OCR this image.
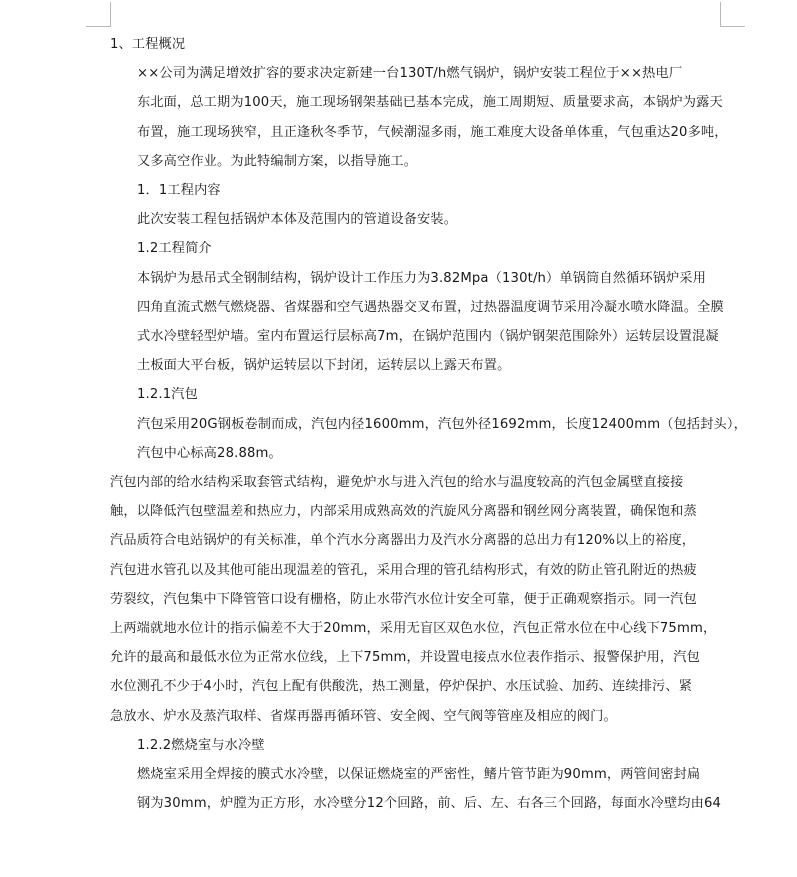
1、工程概况

××公司为满足增效扩容的要求决定新建一台130T/h燃气锅炉，锅炉安装工程位于××热电厂
东北面，总工期为100天，施工现场钢架基础已基本完成，施工周期短、质量要求高，本锅炉为露天
布置，施工现场狭窄，且正逢秋冬季节，气候潮湿多雨，施工难度大设备单体重，气包重达20多吨，
又多高空作业。为此特编制方案，以指导施工。

1．1工程内容

此次安装工程包括锅炉本体及范围内的管道设备安装。

1.2工程简介

本锅炉为悬吊式全钢制结构，锅炉设计工作压力为3.82Mpa（130t/h）单锅筒自然循环锅炉采用
四角直流式燃气燃烧器、省煤器和空气遇热器交叉布置，过热器温度调节采用冷凝水喷水降温。全膜
式水冷壁轻型炉墙。室内布置运行层标高7m，在锅炉范围内（锅炉钢架范围除外）运转层设置混凝
土板面大平台板，锅炉运转层以下封闭，运转层以上露天布置。

1.2.1汽包

汽包采用20G钢板卷制而成，汽包内径1600mm，汽包外径1692mm，长度12400mm（包括封头），
汽包中心标高28.88m。

汽包内部的给水结构采取套管式结构，避免炉水与进入汽包的给水与温度较高的汽包金属壁直接接
触，以降低汽包壁温差和热应力，内部采用成熟高效的汽旋风分离器和钢丝网分离装置，确保饱和蒸
汽品质符合电站锅炉的有关标准，单个汽水分离器出力及汽水分离器的总出力有120%以上的裕度，
汽包进水管孔以及其他可能出现温差的管孔，采用合理的管孔结构形式，有效的防止管孔附近的热疲
劳裂纹，汽包集中下降管管口设有栅格，防止水带汽水位计安全可靠，便于正确观察指示。同一汽包
上两端就地水位计的指示偏差不大于20mm，采用无盲区双色水位，汽包正常水位在中心线下75mm，
允许的最高和最低水位为正常水位线，上下75mm，并设置电接点水位表作指示、报警保护用，汽包
水位测孔不少于4小时，汽包上配有供酸洗，热工测量，停炉保护、水压试验、加药、连续排污、紧
急放水、炉水及蒸汽取样、省煤再器再循环管、安全阀、空气阀等管座及相应的阀门。

1.2.2燃烧室与水冷壁

燃烧室采用全焊接的膜式水冷壁，以保证燃烧室的严密性，鳍片管节距为90mm，两管间密封扁
钢为30mm，炉膛为正方形，水冷壁分12个回路，前、后、左、右各三个回路，每面水冷壁均由64
